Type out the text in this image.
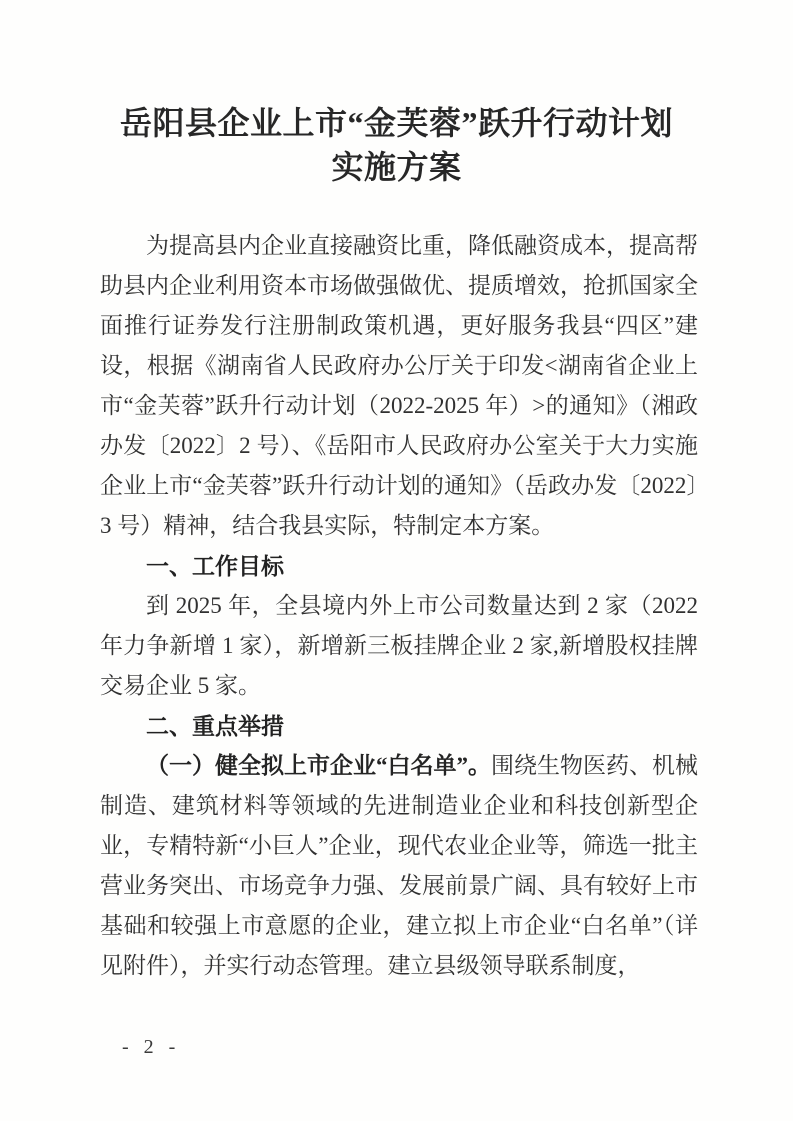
岳阳县企业上市“金芙蓉”跃升行动计划
实施方案

为提高县内企业直接融资比重，降低融资成本，提高帮助县内企业利用资本市场做强做优、提质增效，抢抓国家全面推行证券发行注册制政策机遇，更好服务我县“四区”建设，根据《湖南省人民政府办公厅关于印发<湖南省企业上市“金芙蓉”跃升行动计划（2022-2025 年）>的通知》（湘政办发〔2022〕2 号）、《岳阳市人民政府办公室关于大力实施企业上市“金芙蓉”跃升行动计划的通知》（岳政办发〔2022〕3 号）精神，结合我县实际，特制定本方案。

一、工作目标

到 2025 年，全县境内外上市公司数量达到 2 家（2022 年力争新增 1 家），新增新三板挂牌企业 2 家,新增股权挂牌交易企业 5 家。

二、重点举措

（一）健全拟上市企业“白名单”。围绕生物医药、机械制造、建筑材料等领域的先进制造业企业和科技创新型企业，专精特新“小巨人”企业，现代农业企业等，筛选一批主营业务突出、市场竞争力强、发展前景广阔、具有较好上市基础和较强上市意愿的企业，建立拟上市企业“白名单”（详见附件），并实行动态管理。建立县级领导联系制度，

- 2 -
